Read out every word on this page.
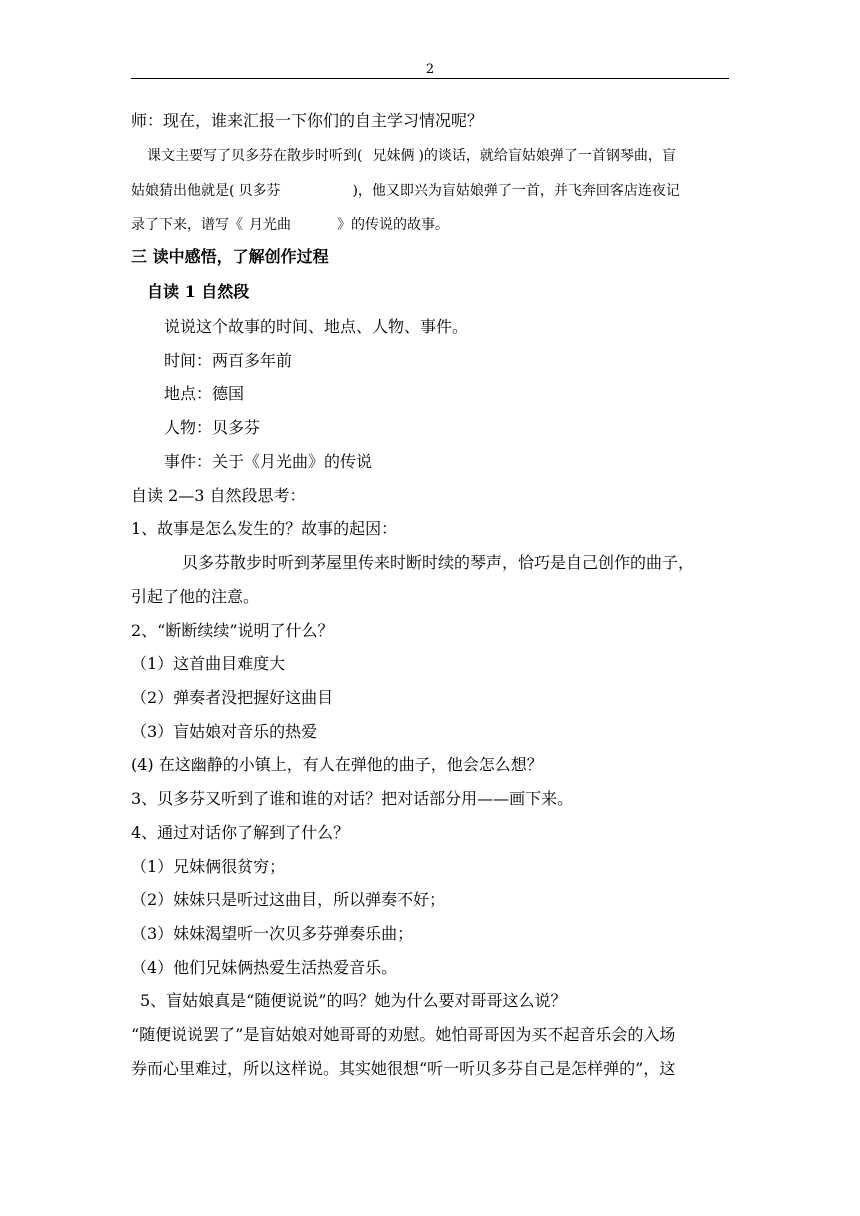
2
师：现在，谁来汇报一下你们的自主学习情况呢？
课文主要写了贝多芬在散步时听到( 兄妹俩 )的谈话，就给盲姑娘弹了一首钢琴曲，盲
姑娘猜出他就是( 贝多芬	)，他又即兴为盲姑娘弹了一首，并飞奔回客店连夜记
录了下来，谱写《 月光曲	》的传说的故事。
三 读中感悟，了解创作过程
自读 1 自然段
说说这个故事的时间、地点、人物、事件。
时间：两百多年前
地点：德国
人物：贝多芬
事件：关于《月光曲》的传说
自读 2—3 自然段思考：
1、故事是怎么发生的？故事的起因：
贝多芬散步时听到茅屋里传来时断时续的琴声，恰巧是自己创作的曲子，
引起了他的注意。
2、“断断续续”说明了什么？
（1）这首曲目难度大
（2）弹奏者没把握好这曲目
（3）盲姑娘对音乐的热爱
(4) 在这幽静的小镇上，有人在弹他的曲子，他会怎么想？
3、贝多芬又听到了谁和谁的对话？把对话部分用——画下来。
4、通过对话你了解到了什么？
（1）兄妹俩很贫穷；
（2）妹妹只是听过这曲目，所以弹奏不好；
（3）妹妹渴望听一次贝多芬弹奏乐曲；
（4）他们兄妹俩热爱生活热爱音乐。
5、盲姑娘真是“随便说说”的吗？她为什么要对哥哥这么说？
“随便说说罢了”是盲姑娘对她哥哥的劝慰。她怕哥哥因为买不起音乐会的入场
券而心里难过，所以这样说。其实她很想“听一听贝多芬自己是怎样弹的”，这
